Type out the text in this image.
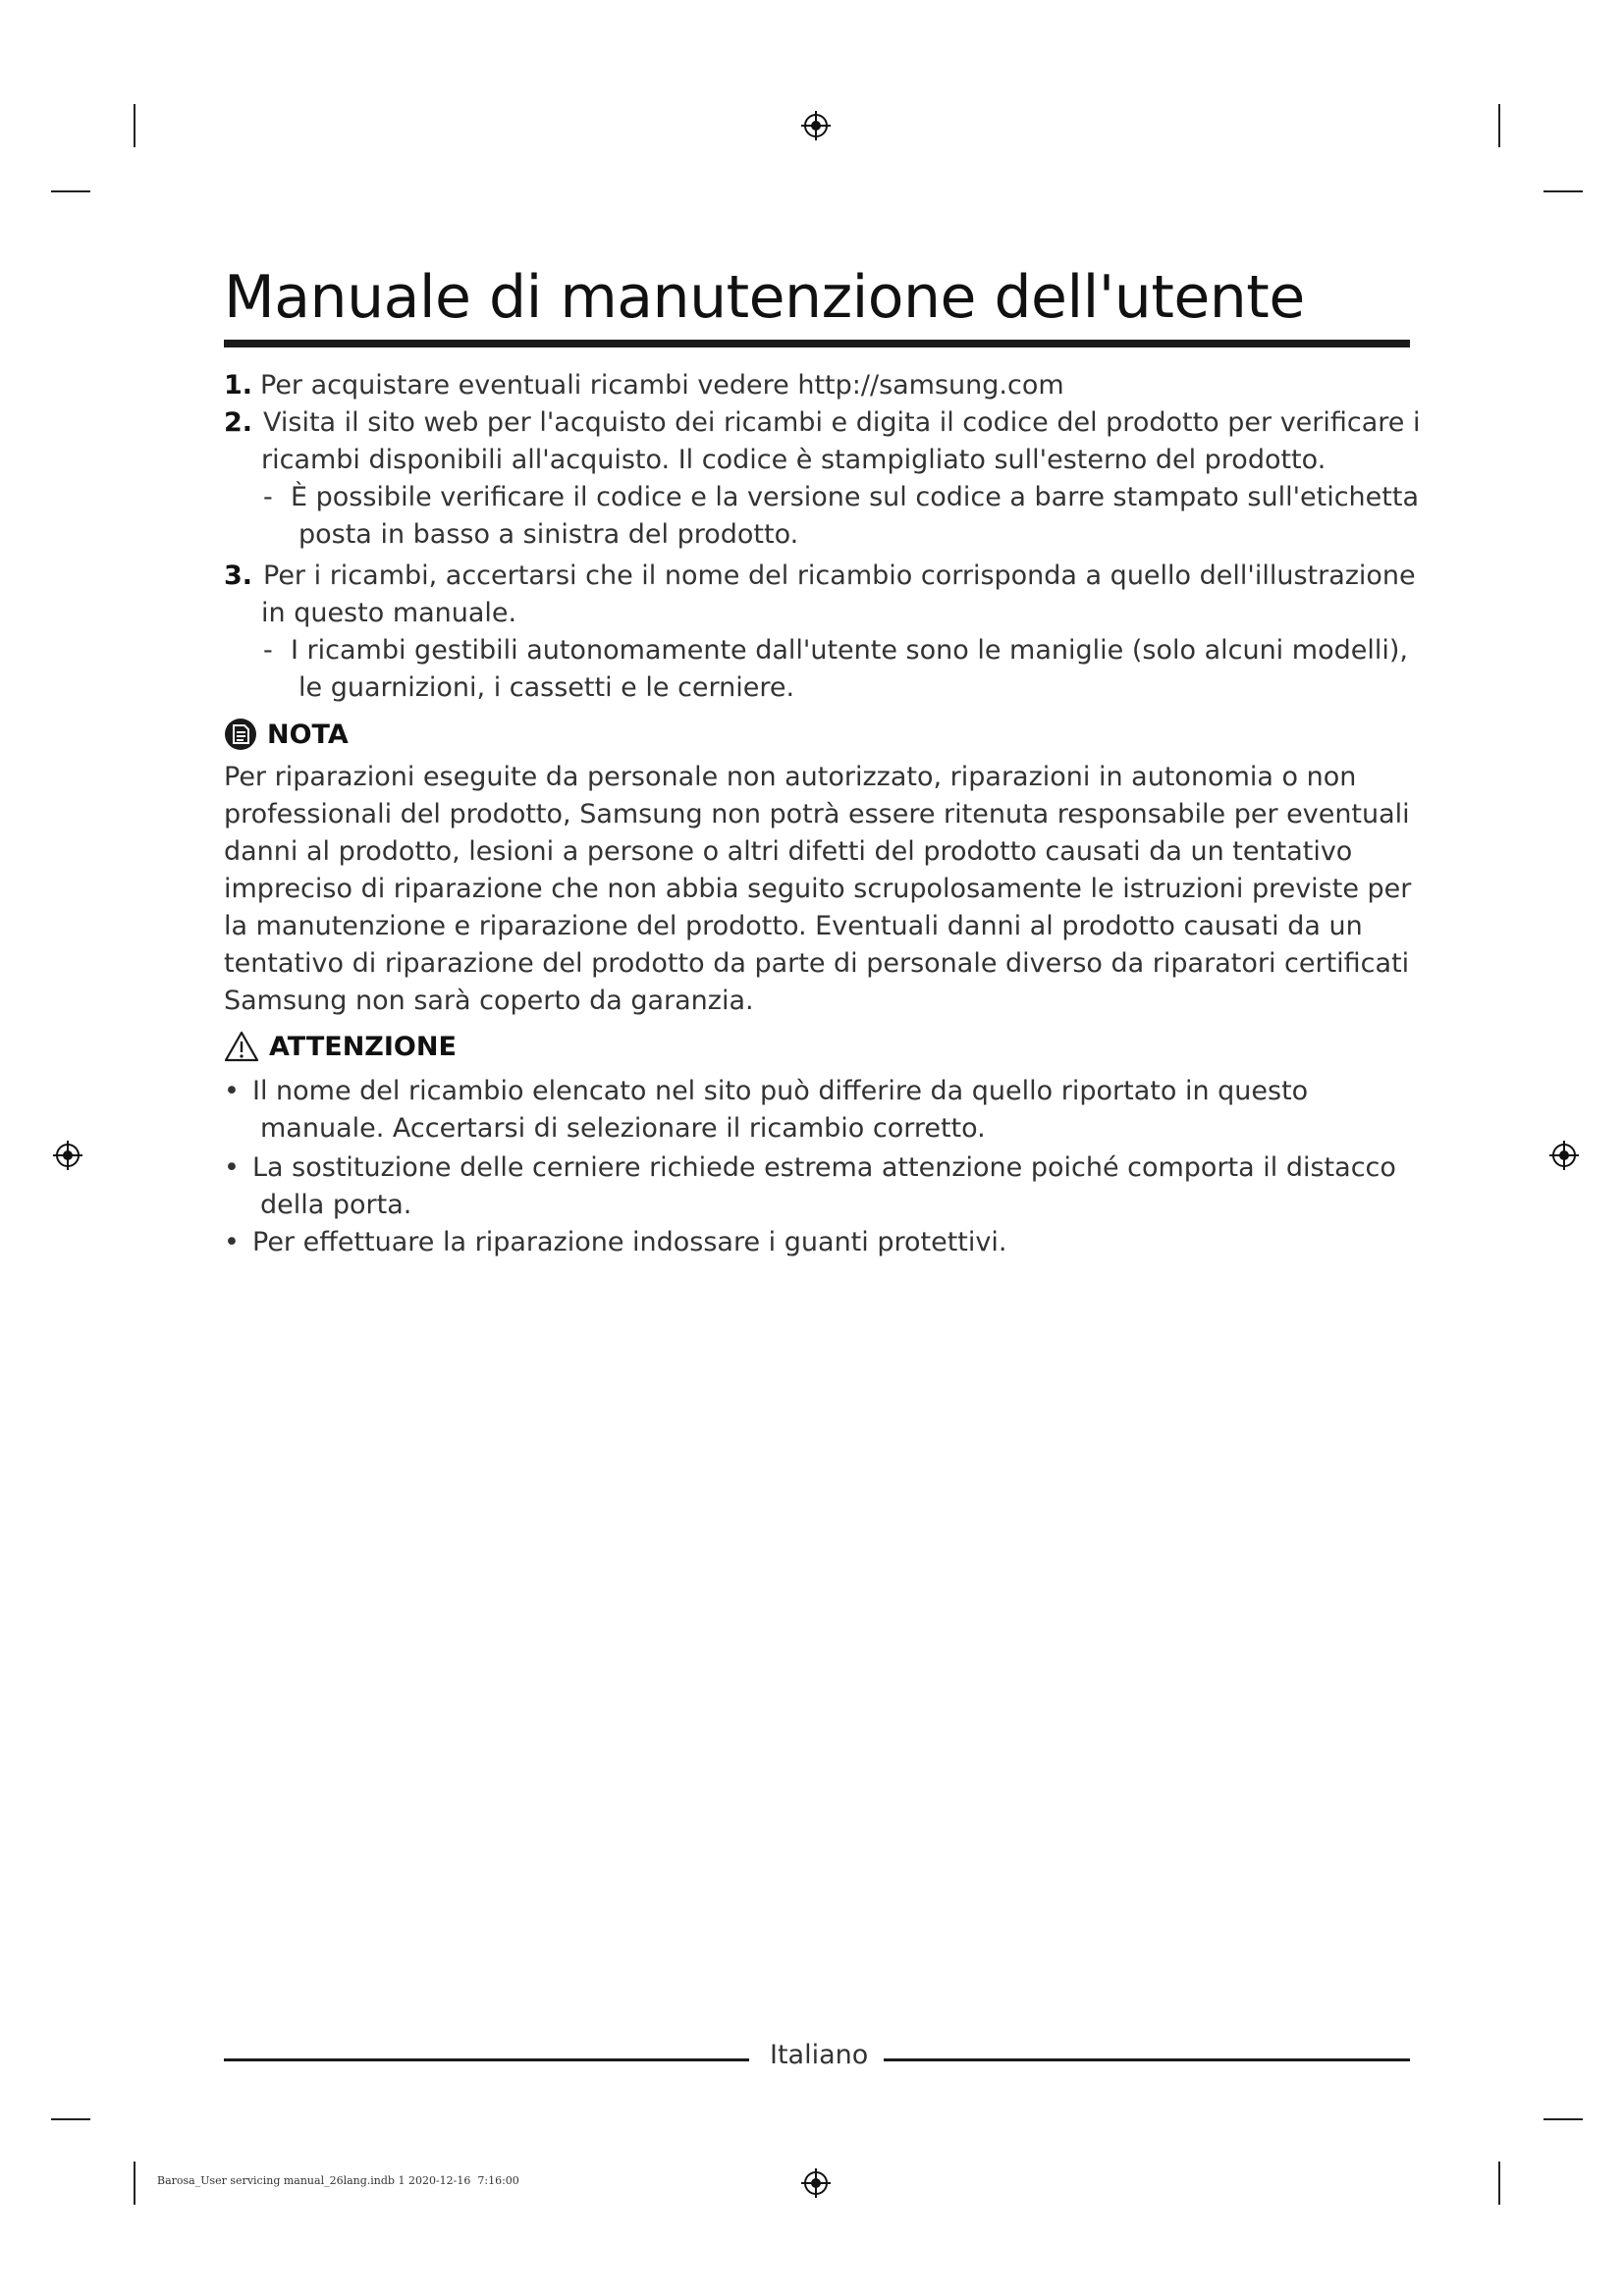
Manuale di manutenzione dell'utente
1. Per acquistare eventuali ricambi vedere http://samsung.com
2. Visita il sito web per l'acquisto dei ricambi e digita il codice del prodotto per verificare i
ricambi disponibili all'acquisto. Il codice è stampigliato sull'esterno del prodotto.
- È possibile verificare il codice e la versione sul codice a barre stampato sull'etichetta
posta in basso a sinistra del prodotto.
3. Per i ricambi, accertarsi che il nome del ricambio corrisponda a quello dell'illustrazione
in questo manuale.
- I ricambi gestibili autonomamente dall'utente sono le maniglie (solo alcuni modelli),
le guarnizioni, i cassetti e le cerniere.
NOTA
Per riparazioni eseguite da personale non autorizzato, riparazioni in autonomia o non
professionali del prodotto, Samsung non potrà essere ritenuta responsabile per eventuali
danni al prodotto, lesioni a persone o altri difetti del prodotto causati da un tentativo
impreciso di riparazione che non abbia seguito scrupolosamente le istruzioni previste per
la manutenzione e riparazione del prodotto. Eventuali danni al prodotto causati da un
tentativo di riparazione del prodotto da parte di personale diverso da riparatori certificati
Samsung non sarà coperto da garanzia.
ATTENZIONE
• Il nome del ricambio elencato nel sito può differire da quello riportato in questo
manuale. Accertarsi di selezionare il ricambio corretto.
• La sostituzione delle cerniere richiede estrema attenzione poiché comporta il distacco
della porta.
• Per effettuare la riparazione indossare i guanti protettivi.
Italiano
Barosa_User servicing manual_26lang.indb 1 2020-12-16 ￼ 7:16:00
